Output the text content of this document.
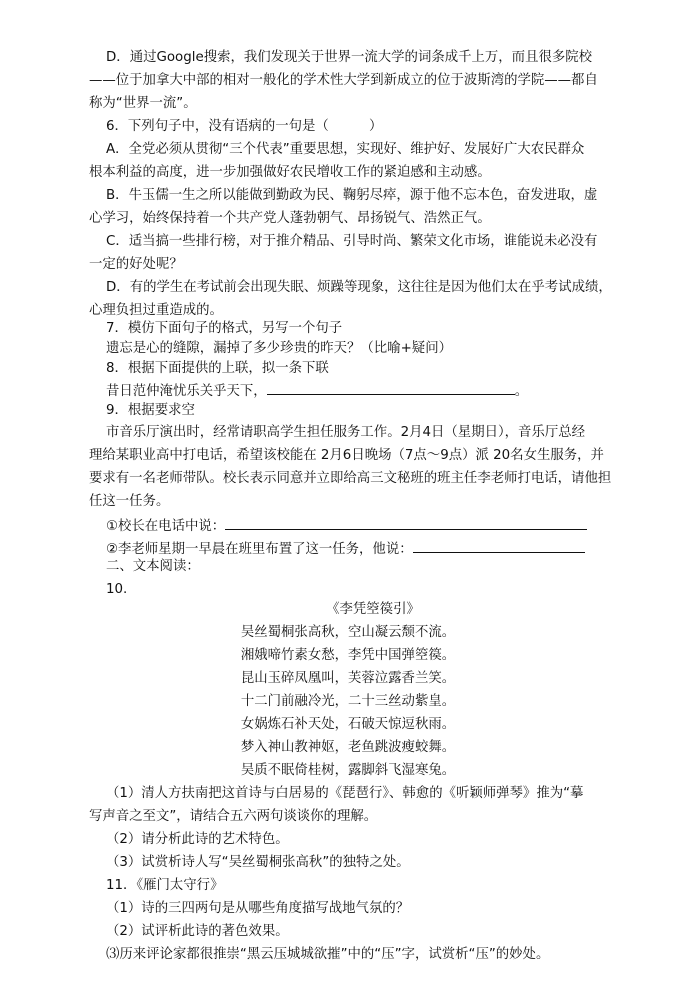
D．通过Google搜索，我们发现关于世界一流大学的词条成千上万，而且很多院校
——位于加拿大中部的相对一般化的学术性大学到新成立的位于波斯湾的学院——都自
称为“世界一流”。
6．下列句子中，没有语病的一句是（　　　）
A．全党必须从贯彻“三个代表”重要思想，实现好、维护好、发展好广大农民群众
根本利益的高度，进一步加强做好农民增收工作的紧迫感和主动感。
B．牛玉儒一生之所以能做到勤政为民、鞠躬尽瘁，源于他不忘本色，奋发进取，虚
心学习，始终保持着一个共产党人蓬勃朝气、昂扬锐气、浩然正气。
C．适当搞一些排行榜，对于推介精品、引导时尚、繁荣文化市场，谁能说未必没有
一定的好处呢？
D．有的学生在考试前会出现失眠、烦躁等现象，这往往是因为他们太在乎考试成绩，
心理负担过重造成的。
7．模仿下面句子的格式，另写一个句子
遗忘是心的缝隙，漏掉了多少珍贵的昨天？（比喻+疑问）
8．根据下面提供的上联，拟一条下联
昔日范仲淹忧乐关乎天下，	。
9．根据要求空
市音乐厅演出时，经常请职高学生担任服务工作。2月4日（星期日），音乐厅总经
理给某职业高中打电话，希望该校能在 2月6日晚场（7点～9点）派 20名女生服务，并
要求有一名老师带队。校长表示同意并立即给高三文秘班的班主任李老师打电话，请他担
任这一任务。
①校长在电话中说：
②李老师星期一早晨在班里布置了这一任务，他说：
二、文本阅读：
10.
《李凭箜篌引》
吴丝蜀桐张高秋，空山凝云颓不流。
湘娥啼竹素女愁，李凭中国弹箜篌。
昆山玉碎凤凰叫，芙蓉泣露香兰笑。
十二门前融冷光，二十三丝动紫皇。
女娲炼石补天处，石破天惊逗秋雨。
梦入神山教神妪，老鱼跳波瘦蛟舞。
吴质不眠倚桂树，露脚斜飞湿寒兔。
（1）清人方扶南把这首诗与白居易的《琵琶行》、韩愈的《听颖师弹琴》推为“摹
写声音之至文”，请结合五六两句谈谈你的理解。
（2）请分析此诗的艺术特色。
（3）试赏析诗人写“吴丝蜀桐张高秋”的独特之处。
11．《雁门太守行》
（1）诗的三四两句是从哪些角度描写战地气氛的？
（2）试评析此诗的著色效果。
⑶历来评论家都很推崇“黑云压城城欲摧”中的“压”字，试赏析“压”的妙处。
